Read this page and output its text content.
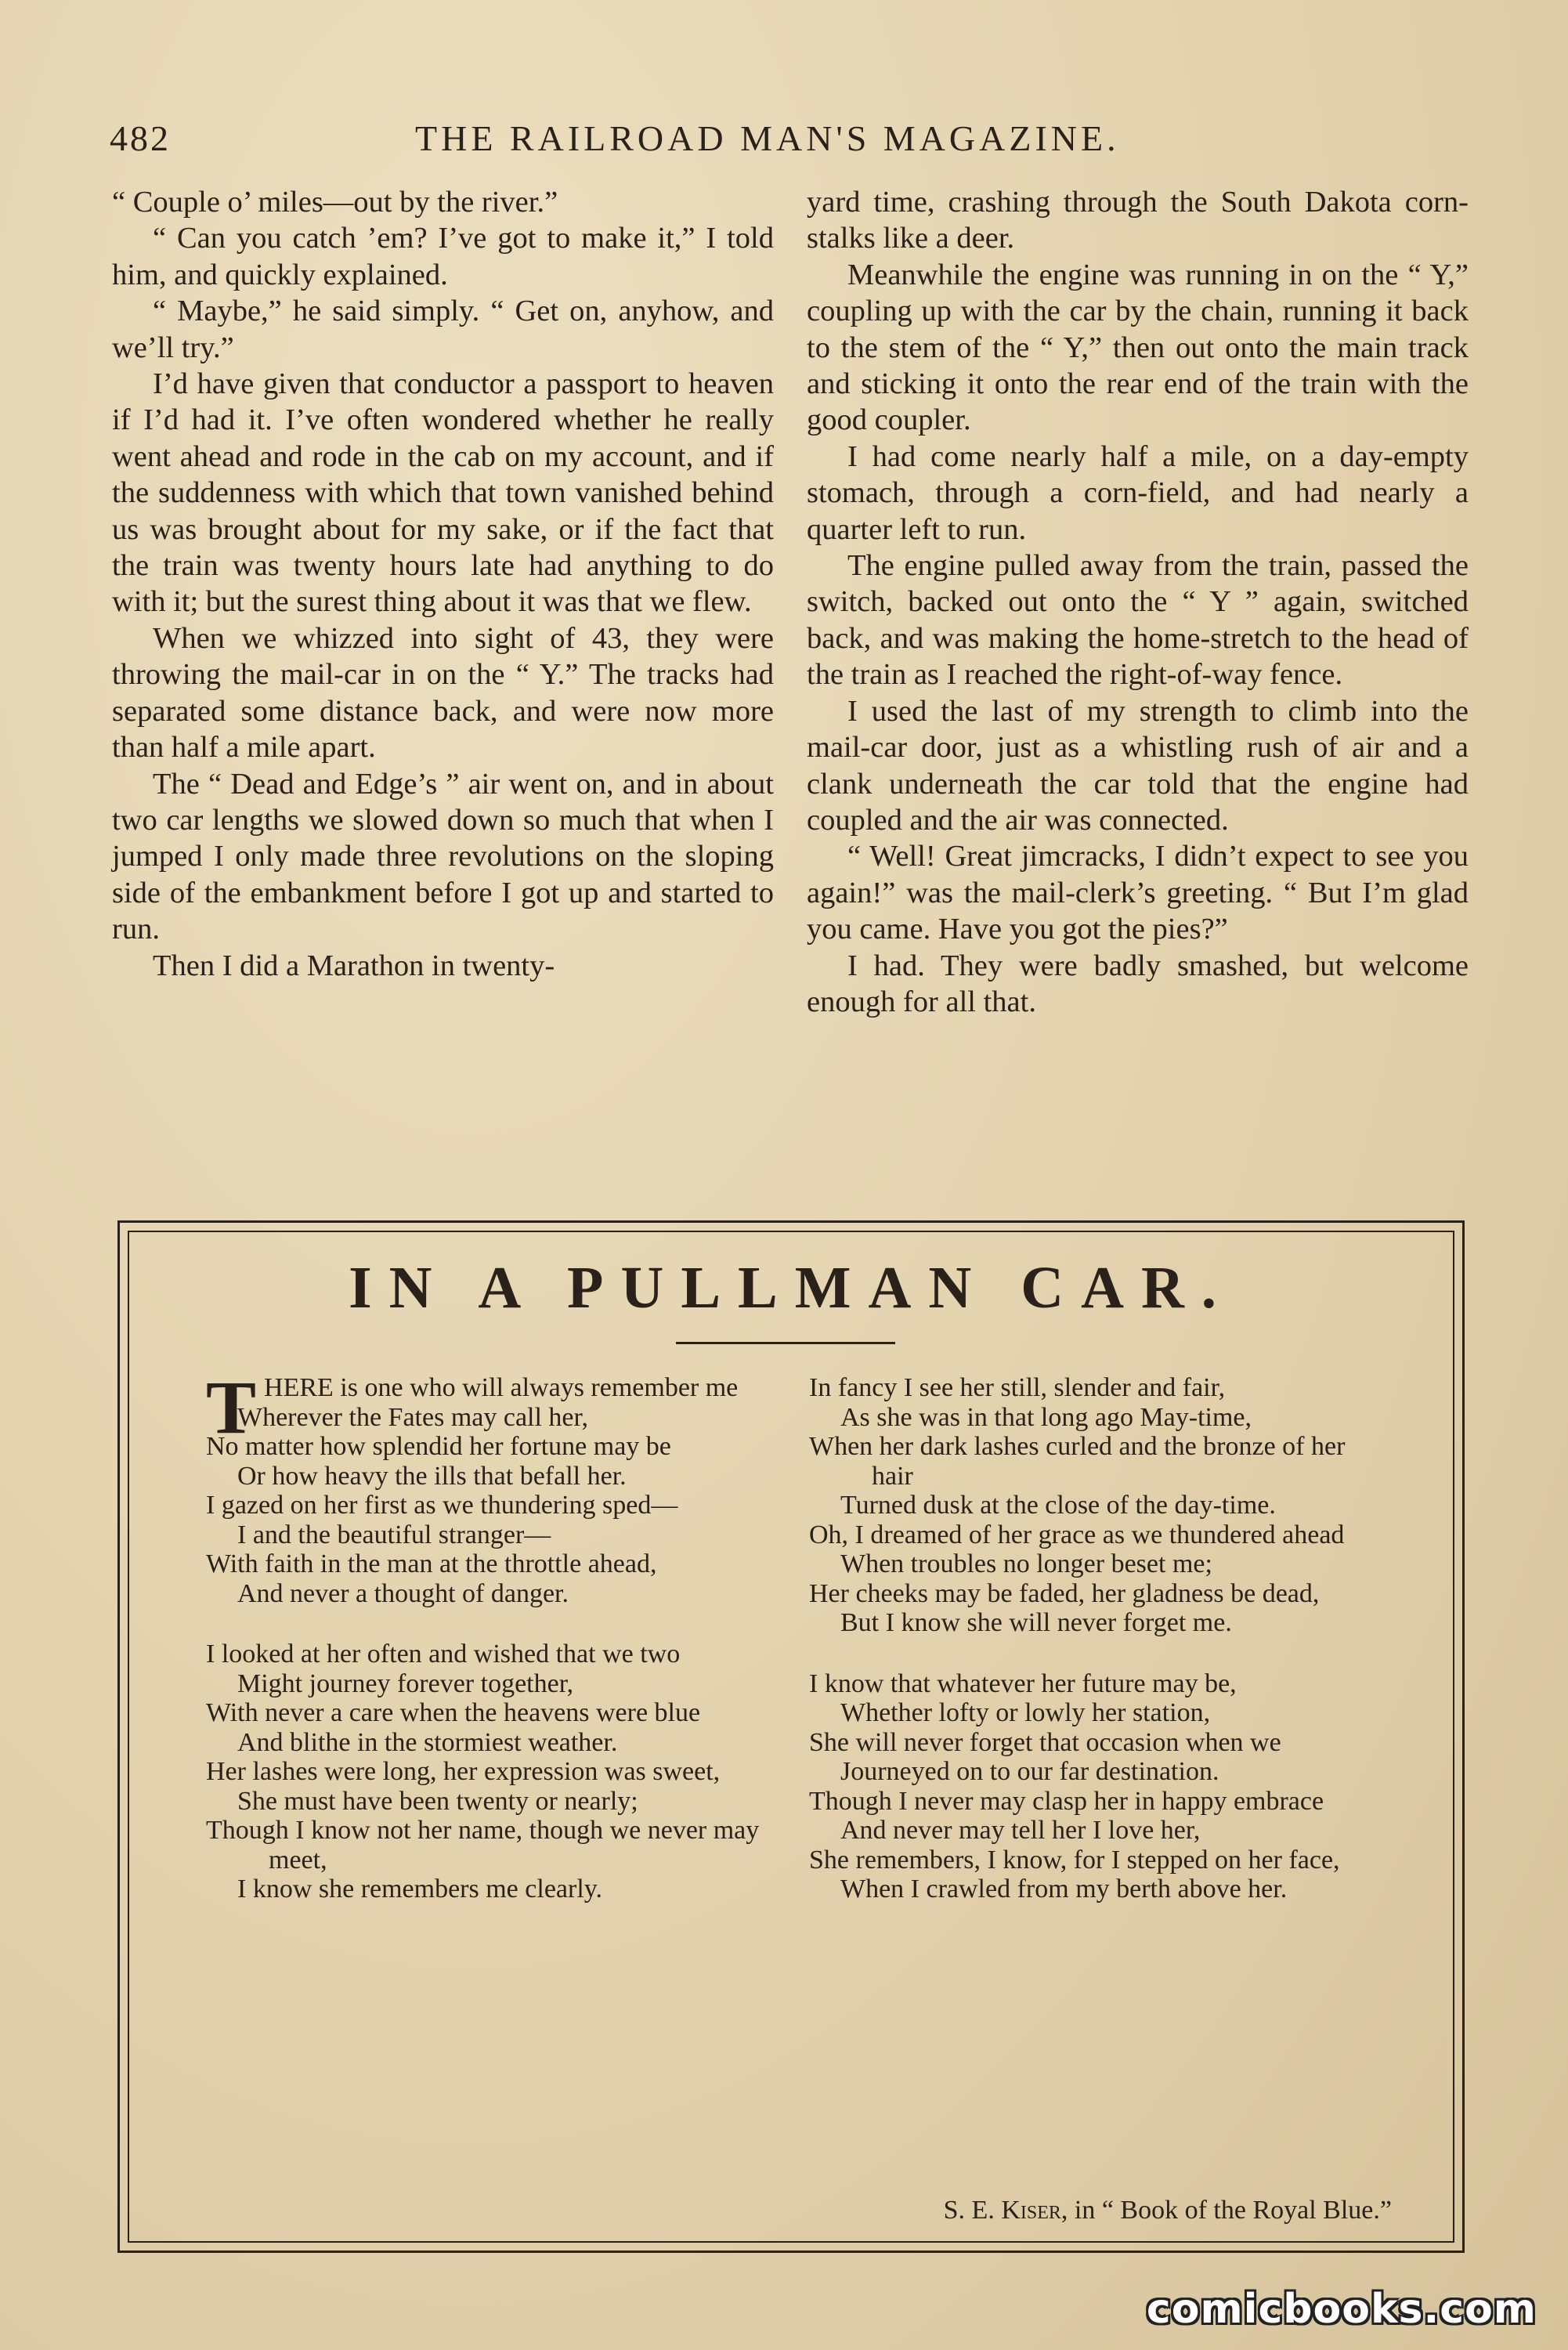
482	THE RAILROAD MAN'S MAGAZINE.

“ Couple o’ miles—out by the river.”

“ Can you catch ’em? I’ve got to make it,” I told him, and quickly explained.

“ Maybe,” he said simply. “ Get on, anyhow, and we’ll try.”

I’d have given that conductor a passport to heaven if I’d had it. I’ve often wondered whether he really went ahead and rode in the cab on my account, and if the suddenness with which that town vanished behind us was brought about for my sake, or if the fact that the train was twenty hours late had anything to do with it; but the surest thing about it was that we flew.

When we whizzed into sight of 43, they were throwing the mail-car in on the “ Y.” The tracks had separated some distance back, and were now more than half a mile apart.

The “ Dead and Edge’s ” air went on, and in about two car lengths we slowed down so much that when I jumped I only made three revolutions on the sloping side of the embankment before I got up and started to run.

Then I did a Marathon in twenty-

yard time, crashing through the South Dakota corn-stalks like a deer.

Meanwhile the engine was running in on the “ Y,” coupling up with the car by the chain, running it back to the stem of the “ Y,” then out onto the main track and sticking it onto the rear end of the train with the good coupler.

I had come nearly half a mile, on a day-empty stomach, through a corn-field, and had nearly a quarter left to run.

The engine pulled away from the train, passed the switch, backed out onto the “ Y ” again, switched back, and was making the home-stretch to the head of the train as I reached the right-of-way fence.

I used the last of my strength to climb into the mail-car door, just as a whistling rush of air and a clank underneath the car told that the engine had coupled and the air was connected.

“ Well! Great jimcracks, I didn’t expect to see you again!” was the mail-clerk’s greeting. “ But I’m glad you came. Have you got the pies?”

I had. They were badly smashed, but welcome enough for all that.

IN A PULLMAN CAR.
THERE is one who will always remember me
Wherever the Fates may call her,
No matter how splendid her fortune may be
Or how heavy the ills that befall her.
I gazed on her first as we thundering sped—
I and the beautiful stranger—
With faith in the man at the throttle ahead,
And never a thought of danger.
I looked at her often and wished that we two
Might journey forever together,
With never a care when the heavens were blue
And blithe in the stormiest weather.
Her lashes were long, her expression was sweet,
She must have been twenty or nearly;
Though I know not her name, though we never may meet,
I know she remembers me clearly.
In fancy I see her still, slender and fair,
As she was in that long ago May-time,
When her dark lashes curled and the bronze of her hair
Turned dusk at the close of the day-time.
Oh, I dreamed of her grace as we thundered ahead
When troubles no longer beset me;
Her cheeks may be faded, her gladness be dead,
But I know she will never forget me.
I know that whatever her future may be,
Whether lofty or lowly her station,
She will never forget that occasion when we
Journeyed on to our far destination.
Though I never may clasp her in happy embrace
And never may tell her I love her,
She remembers, I know, for I stepped on her face,
When I crawled from my berth above her.
S. E. Kiser, in “ Book of the Royal Blue.”
comicbooks.com
